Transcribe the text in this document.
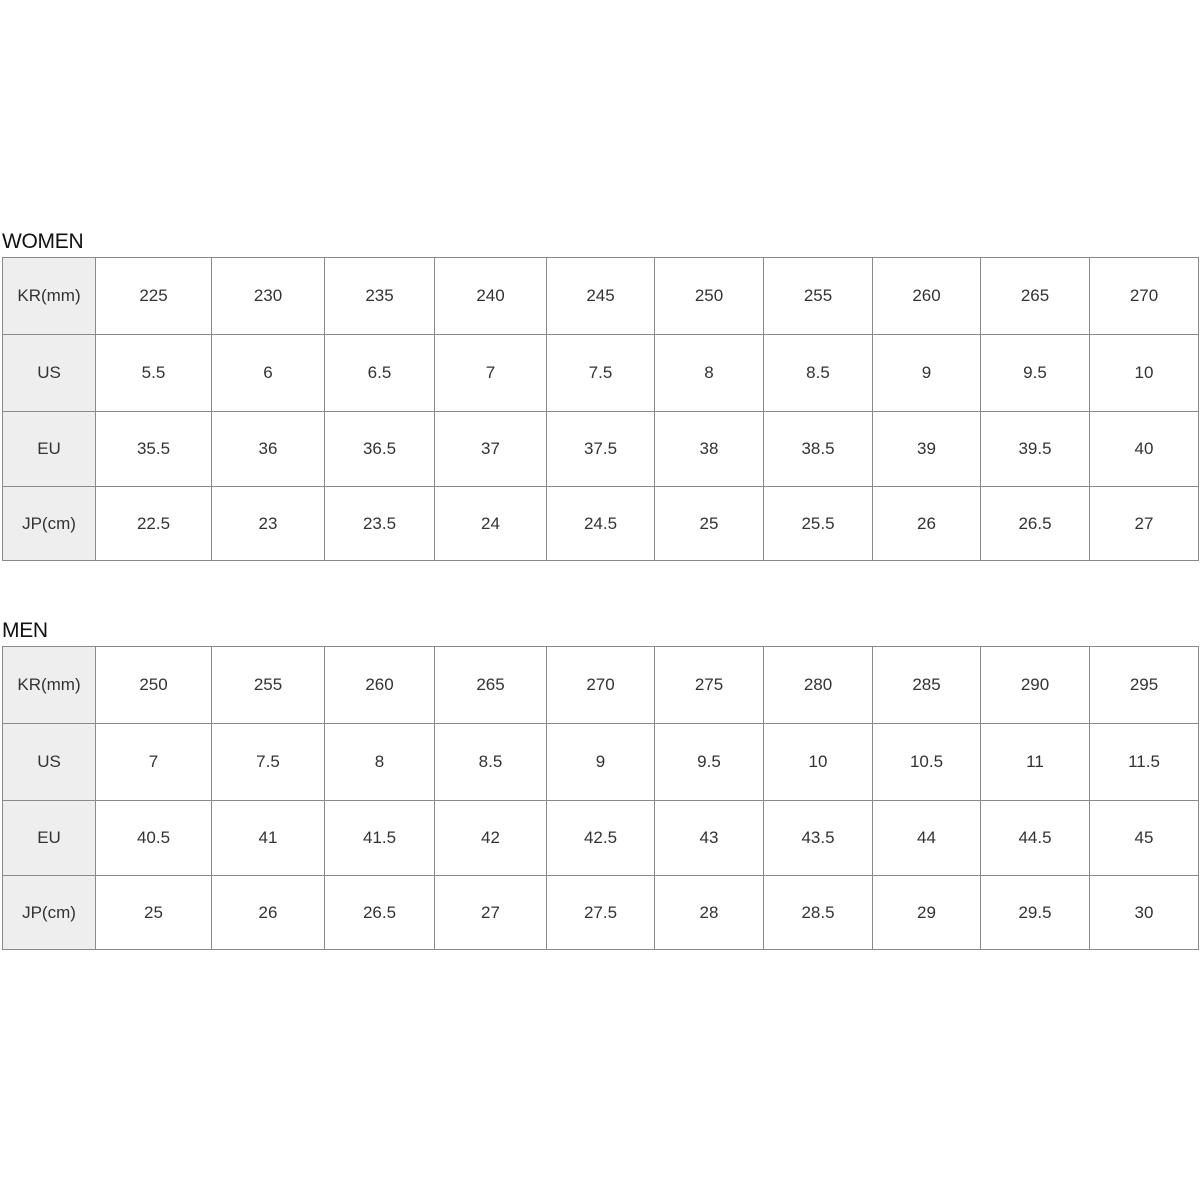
WOMEN
KR(mm)	225	230	235	240	245	250	255	260	265	270
US	5.5	6	6.5	7	7.5	8	8.5	9	9.5	10
EU	35.5	36	36.5	37	37.5	38	38.5	39	39.5	40
JP(cm)	22.5	23	23.5	24	24.5	25	25.5	26	26.5	27
MEN
KR(mm)	250	255	260	265	270	275	280	285	290	295
US	7	7.5	8	8.5	9	9.5	10	10.5	11	11.5
EU	40.5	41	41.5	42	42.5	43	43.5	44	44.5	45
JP(cm)	25	26	26.5	27	27.5	28	28.5	29	29.5	30
